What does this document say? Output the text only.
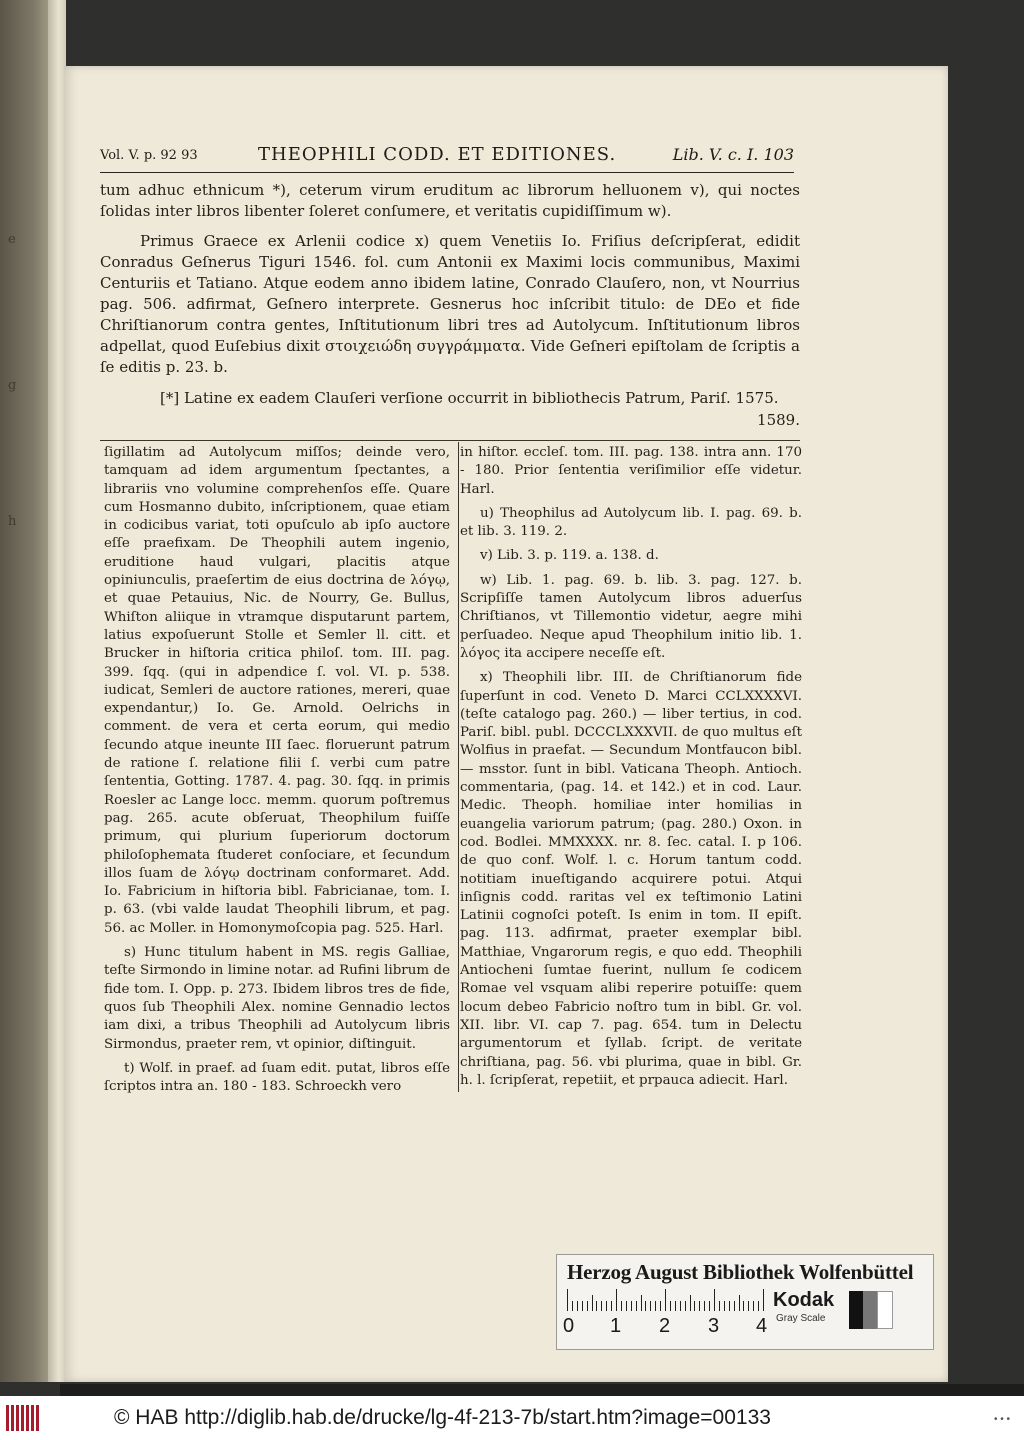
e
g
h
Vol. V. p. 92 93	THEOPHILI CODD. ET EDITIONES.	Lib. V. c. I. 103

tum adhuc ethnicum *), ceterum virum eruditum ac librorum helluonem v), qui noctes ſolidas inter libros libenter ſoleret conſumere, et veritatis cupidiſſimum w).

Primus Graece ex Arlenii codice x) quem Venetiis Io. Friſius deſcripſerat, edidit Conradus Geſnerus Tiguri 1546. fol. cum Antonii ex Maximi locis communibus, Maximi Centuriis et Tatiano. Atque eodem anno ibidem latine, Conrado Clauſero, non, vt Nourrius pag. 506. adfirmat, Geſnero interprete. Gesnerus hoc inſcribit titulo: de DEo et fide Chriſtianorum contra gentes, Inſtitutionum libri tres ad Autolycum. Inſtitutionum libros adpellat, quod Euſebius dixit στοιχειώδη συγγράμματα. Vide Geſneri epiſtolam de ſcriptis a ſe editis p. 23. b.

[*] Latine ex eadem Clauſeri verſione occurrit in bibliothecis Patrum, Pariſ. 1575.

1589.

ſigillatim ad Autolycum miſſos; deinde vero, tamquam ad idem argumentum ſpectantes, a librariis vno volumine comprehenſos eſſe. Quare cum Hosmanno dubito, inſcriptionem, quae etiam in codicibus variat, toti opuſculo ab ipſo auctore eſſe praefixam. De Theophili autem ingenio, eruditione haud vulgari, placitis atque opiniunculis, praeſertim de eius doctrina de λόγῳ, et quae Petauius, Nic. de Nourry, Ge. Bullus, Whiſton aliique in vtramque disputarunt partem, latius expoſuerunt Stolle et Semler ll. citt. et Brucker in hiſtoria critica philoſ. tom. III. pag. 399. ſqq. (qui in adpendice ſ. vol. VI. p. 538. iudicat, Semleri de auctore rationes, mereri, quae expendantur,) Io. Ge. Arnold. Oelrichs in comment. de vera et certa eorum, qui medio ſecundo atque ineunte III ſaec. floruerunt patrum de ratione ſ. relatione filii ſ. verbi cum patre ſententia, Gotting. 1787. 4. pag. 30. ſqq. in primis Roesler ac Lange locc. memm. quorum poſtremus pag. 265. acute obſeruat, Theophilum fuiſſe primum, qui plurium ſuperiorum doctorum philoſophemata ſtuderet conſociare, et ſecundum illos ſuam de λόγῳ doctrinam conformaret. Add. Io. Fabricium in hiſtoria bibl. Fabricianae, tom. I. p. 63. (vbi valde laudat Theophili librum, et pag. 56. ac Moller. in Homonymoſcopia pag. 525. Harl.

s) Hunc titulum habent in MS. regis Galliae, teſte Sirmondo in limine notar. ad Rufini librum de fide tom. I. Opp. p. 273. Ibidem libros tres de fide, quos ſub Theophili Alex. nomine Gennadio lectos iam dixi, a tribus Theophili ad Autolycum libris Sirmondus, praeter rem, vt opinior, diſtinguit.

t) Wolf. in praef. ad ſuam edit. putat, libros eſſe ſcriptos intra an. 180 - 183. Schroeckh vero

in hiſtor. eccleſ. tom. III. pag. 138. intra ann. 170 - 180. Prior ſententia veriſimilior eſſe videtur. Harl.

u) Theophilus ad Autolycum lib. I. pag. 69. b. et lib. 3. 119. 2.

v) Lib. 3. p. 119. a. 138. d.

w) Lib. 1. pag. 69. b. lib. 3. pag. 127. b. Scripſiſſe tamen Autolycum libros aduerſus Chriſtianos, vt Tillemontio videtur, aegre mihi perſuadeo. Neque apud Theophilum initio lib. 1. λόγος ita accipere neceſſe eſt.

x) Theophili libr. III. de Chriſtianorum fide ſuperſunt in cod. Veneto D. Marci CCLXXXXVI. (teſte catalogo pag. 260.) — liber tertius, in cod. Pariſ. bibl. publ. DCCCLXXXVII. de quo multus eſt Wolfius in praefat. — Secundum Montfaucon bibl. — msstor. ſunt in bibl. Vaticana Theoph. Antioch. commentaria, (pag. 14. et 142.) et in cod. Laur. Medic. Theoph. homiliae inter homilias in euangelia variorum patrum; (pag. 280.) Oxon. in cod. Bodlei. MMXXXX. nr. 8. ſec. catal. I. p 106. de quo conf. Wolf. l. c. Horum tantum codd. notitiam inueſtigando acquirere potui. Atqui inſignis codd. raritas vel ex teſtimonio Latini Latinii cognoſci poteſt. Is enim in tom. II epiſt. pag. 113. adfirmat, praeter exemplar bibl. Matthiae, Vngarorum regis, e quo edd. Theophili Antiocheni ſumtae fuerint, nullum ſe codicem Romae vel vsquam alibi reperire potuiſſe: quem locum debeo Fabricio noſtro tum in bibl. Gr. vol. XII. libr. VI. cap 7. pag. 654. tum in Delectu argumentorum et ſyllab. ſcript. de veritate chriſtiana, pag. 56. vbi plurima, quae in bibl. Gr. h. l. ſcripſerat, repetiit, et prpauca adiecit. Harl.

Herzog August Bibliothek Wolfenbüttel
0 1 2 3 4
Kodak
Gray Scale
© HAB http://diglib.hab.de/drucke/lg-4f-213-7b/start.htm?image=00133	• • •
